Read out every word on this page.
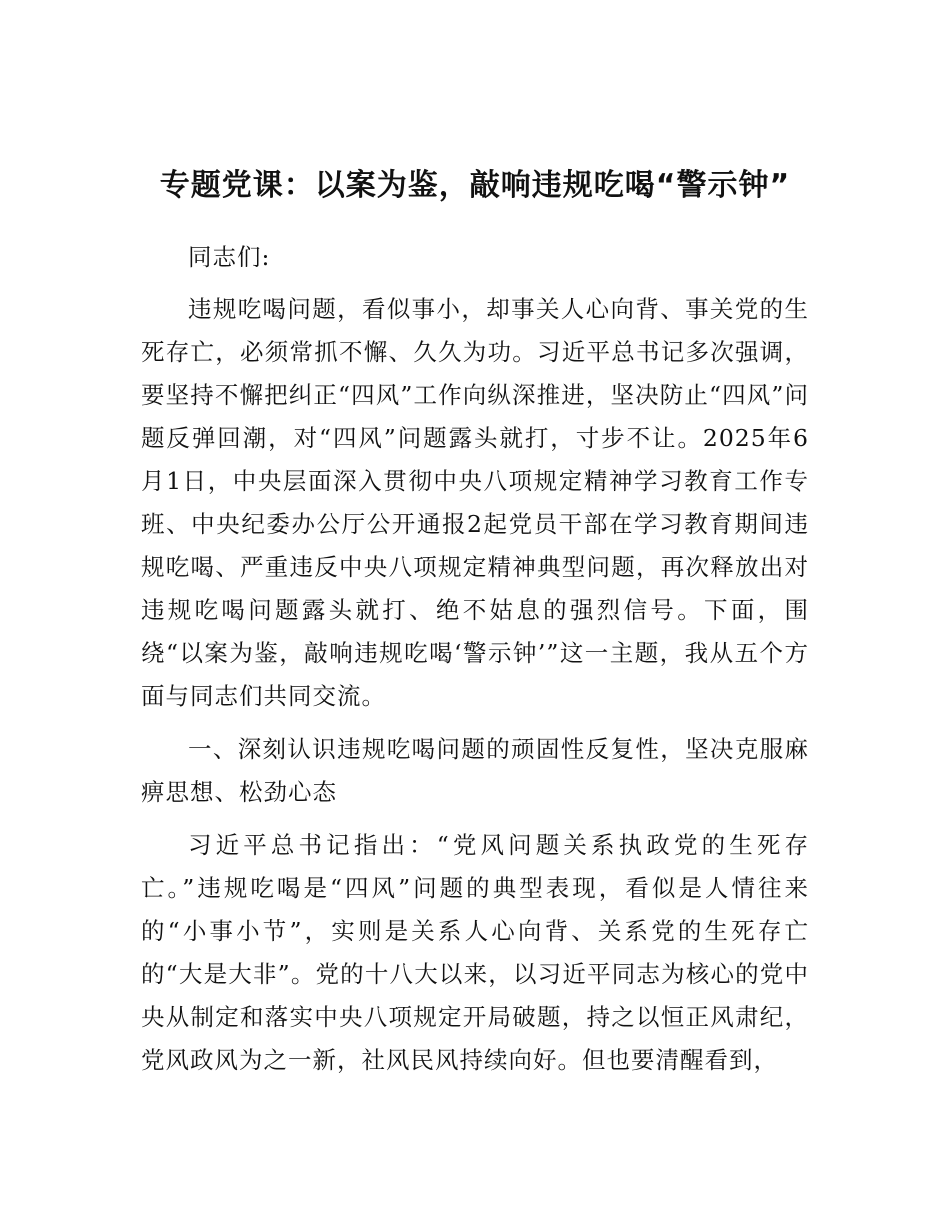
专题党课：以案为鉴，敲响违规吃喝“警示钟”

同志们:

违规吃喝问题，看似事小，却事关人心向背、事关党的生死存亡，必须常抓不懈、久久为功。习近平总书记多次强调，要坚持不懈把纠正“四风”工作向纵深推进，坚决防止“四风”问题反弹回潮，对“四风”问题露头就打，寸步不让。2025年6月1日，中央层面深入贯彻中央八项规定精神学习教育工作专班、中央纪委办公厅公开通报2起党员干部在学习教育期间违规吃喝、严重违反中央八项规定精神典型问题，再次释放出对违规吃喝问题露头就打、绝不姑息的强烈信号。下面，围绕“以案为鉴，敲响违规吃喝‘警示钟’”这一主题，我从五个方面与同志们共同交流。

一、深刻认识违规吃喝问题的顽固性反复性，坚决克服麻痹思想、松劲心态

习近平总书记指出：“党风问题关系执政党的生死存亡。”违规吃喝是“四风”问题的典型表现，看似是人情往来的“小事小节”，实则是关系人心向背、关系党的生死存亡的“大是大非”。党的十八大以来，以习近平同志为核心的党中央从制定和落实中央八项规定开局破题，持之以恒正风肃纪，党风政风为之一新，社风民风持续向好。但也要清醒看到，
